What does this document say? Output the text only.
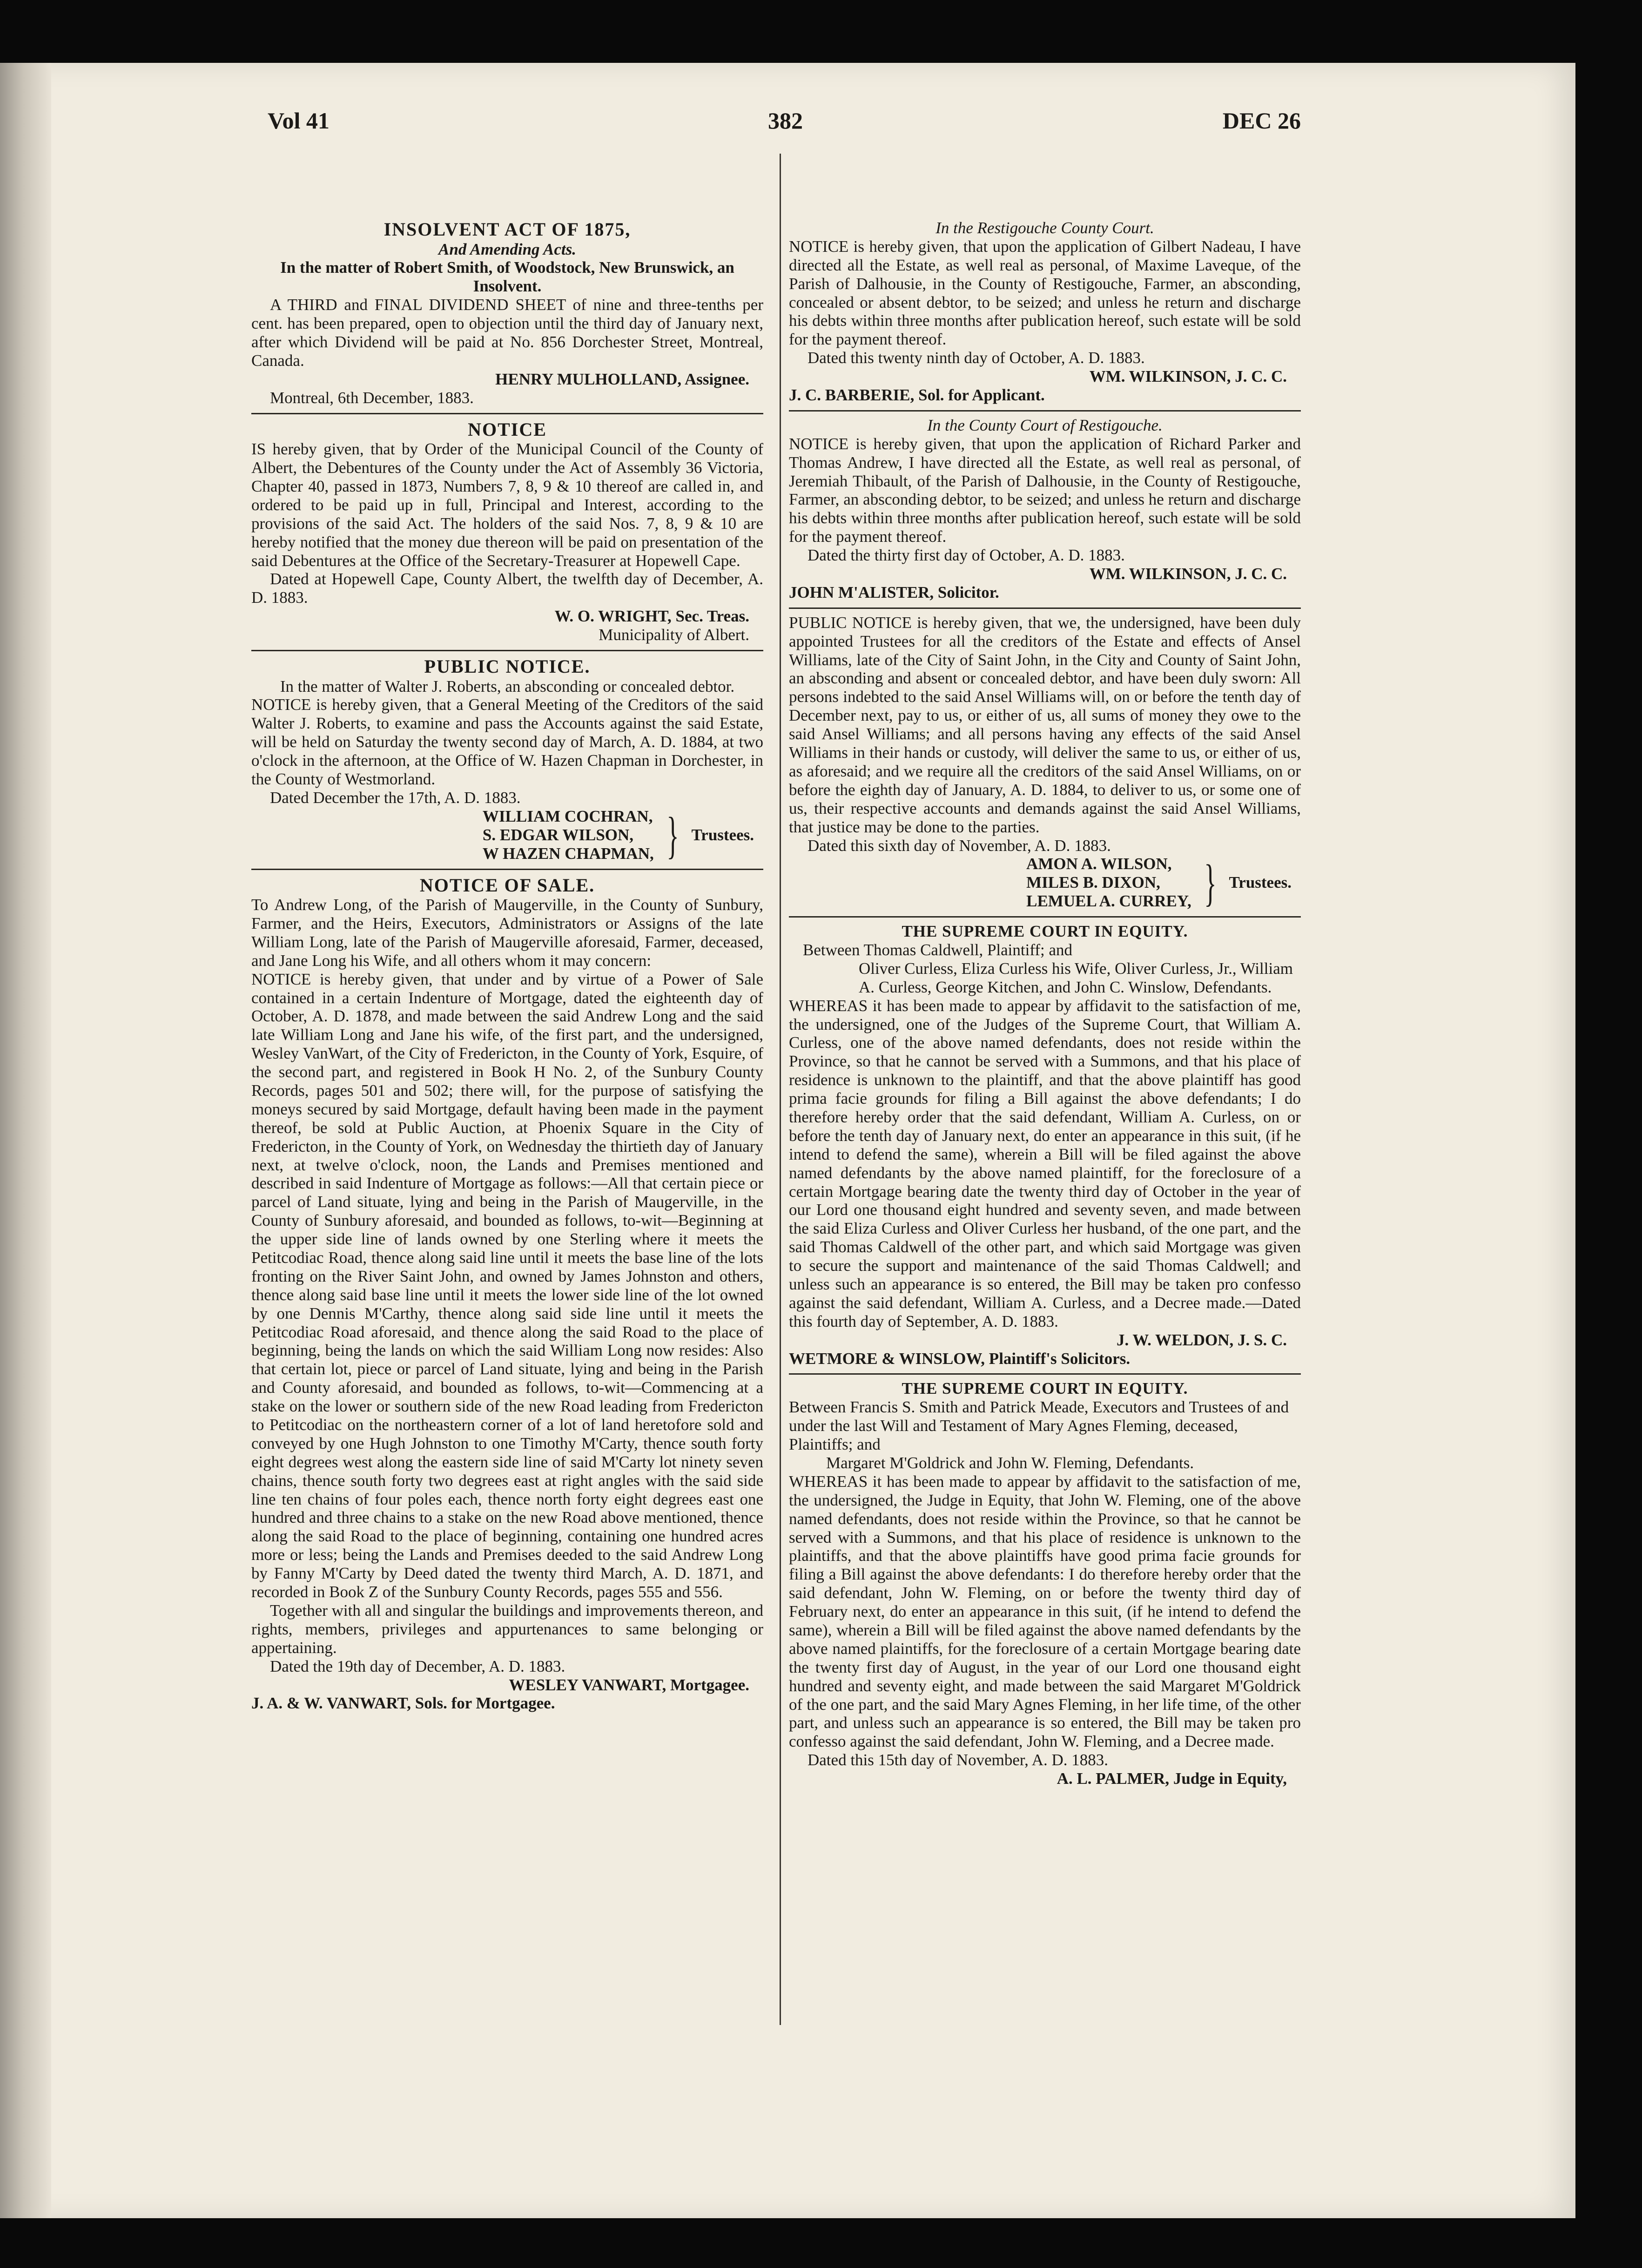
Vol 41	382	DEC 26
INSOLVENT ACT OF 1875,
And Amending Acts.
In the matter of Robert Smith, of Woodstock, New Brunswick, an Insolvent.

A THIRD and FINAL DIVIDEND SHEET of nine and three-tenths per cent. has been prepared, open to objection until the third day of January next, after which Dividend will be paid at No. 856 Dorchester Street, Montreal, Canada.

HENRY MULHOLLAND, Assignee.

Montreal, 6th December, 1883.

NOTICE

IS hereby given, that by Order of the Municipal Council of the County of Albert, the Debentures of the County under the Act of Assembly 36 Victoria, Chapter 40, passed in 1873, Numbers 7, 8, 9 & 10 thereof are called in, and ordered to be paid up in full, Principal and Interest, according to the provisions of the said Act. The holders of the said Nos. 7, 8, 9 & 10 are hereby notified that the money due thereon will be paid on presentation of the said Debentures at the Office of the Secretary-Treasurer at Hopewell Cape.

Dated at Hopewell Cape, County Albert, the twelfth day of December, A. D. 1883.

W. O. WRIGHT, Sec. Treas.
Municipality of Albert.
PUBLIC NOTICE.
In the matter of Walter J. Roberts, an absconding or concealed debtor.

NOTICE is hereby given, that a General Meeting of the Creditors of the said Walter J. Roberts, to examine and pass the Accounts against the said Estate, will be held on Saturday the twenty second day of March, A. D. 1884, at two o'clock in the afternoon, at the Office of W. Hazen Chapman in Dorchester, in the County of Westmorland.

Dated December the 17th, A. D. 1883.

WILLIAM COCHRAN,
S. EDGAR WILSON,
W HAZEN CHAPMAN, } Trustees.
NOTICE OF SALE.

To Andrew Long, of the Parish of Maugerville, in the County of Sunbury, Farmer, and the Heirs, Executors, Administrators or Assigns of the late William Long, late of the Parish of Maugerville aforesaid, Farmer, deceased, and Jane Long his Wife, and all others whom it may concern:

NOTICE is hereby given, that under and by virtue of a Power of Sale contained in a certain Indenture of Mortgage, dated the eighteenth day of October, A. D. 1878, and made between the said Andrew Long and the said late William Long and Jane his wife, of the first part, and the undersigned, Wesley VanWart, of the City of Fredericton, in the County of York, Esquire, of the second part, and registered in Book H No. 2, of the Sunbury County Records, pages 501 and 502; there will, for the purpose of satisfying the moneys secured by said Mortgage, default having been made in the payment thereof, be sold at Public Auction, at Phoenix Square in the City of Fredericton, in the County of York, on Wednesday the thirtieth day of January next, at twelve o'clock, noon, the Lands and Premises mentioned and described in said Indenture of Mortgage as follows:—All that certain piece or parcel of Land situate, lying and being in the Parish of Maugerville, in the County of Sunbury aforesaid, and bounded as follows, to-wit—Beginning at the upper side line of lands owned by one Sterling where it meets the Petitcodiac Road, thence along said line until it meets the base line of the lots fronting on the River Saint John, and owned by James Johnston and others, thence along said base line until it meets the lower side line of the lot owned by one Dennis M'Carthy, thence along said side line until it meets the Petitcodiac Road aforesaid, and thence along the said Road to the place of beginning, being the lands on which the said William Long now resides: Also that certain lot, piece or parcel of Land situate, lying and being in the Parish and County aforesaid, and bounded as follows, to-wit—Commencing at a stake on the lower or southern side of the new Road leading from Fredericton to Petitcodiac on the northeastern corner of a lot of land heretofore sold and conveyed by one Hugh Johnston to one Timothy M'Carty, thence south forty eight degrees west along the eastern side line of said M'Carty lot ninety seven chains, thence south forty two degrees east at right angles with the said side line ten chains of four poles each, thence north forty eight degrees east one hundred and three chains to a stake on the new Road above mentioned, thence along the said Road to the place of beginning, containing one hundred acres more or less; being the Lands and Premises deeded to the said Andrew Long by Fanny M'Carty by Deed dated the twenty third March, A. D. 1871, and recorded in Book Z of the Sunbury County Records, pages 555 and 556.

Together with all and singular the buildings and improvements thereon, and rights, members, privileges and appurtenances to same belonging or appertaining.

Dated the 19th day of December, A. D. 1883.

WESLEY VANWART, Mortgagee.
J. A. & W. VANWART, Sols. for Mortgagee.
In the Restigouche County Court.

NOTICE is hereby given, that upon the application of Gilbert Nadeau, I have directed all the Estate, as well real as personal, of Maxime Laveque, of the Parish of Dalhousie, in the County of Restigouche, Farmer, an absconding, concealed or absent debtor, to be seized; and unless he return and discharge his debts within three months after publication hereof, such estate will be sold for the payment thereof.

Dated this twenty ninth day of October, A. D. 1883.

WM. WILKINSON, J. C. C.
J. C. BARBERIE, Sol. for Applicant.
In the County Court of Restigouche.

NOTICE is hereby given, that upon the application of Richard Parker and Thomas Andrew, I have directed all the Estate, as well real as personal, of Jeremiah Thibault, of the Parish of Dalhousie, in the County of Restigouche, Farmer, an absconding debtor, to be seized; and unless he return and discharge his debts within three months after publication hereof, such estate will be sold for the payment thereof.

Dated the thirty first day of October, A. D. 1883.

WM. WILKINSON, J. C. C.
JOHN M'ALISTER, Solicitor.

PUBLIC NOTICE is hereby given, that we, the undersigned, have been duly appointed Trustees for all the creditors of the Estate and effects of Ansel Williams, late of the City of Saint John, in the City and County of Saint John, an absconding and absent or concealed debtor, and have been duly sworn: All persons indebted to the said Ansel Williams will, on or before the tenth day of December next, pay to us, or either of us, all sums of money they owe to the said Ansel Williams; and all persons having any effects of the said Ansel Williams in their hands or custody, will deliver the same to us, or either of us, as aforesaid; and we require all the creditors of the said Ansel Williams, on or before the eighth day of January, A. D. 1884, to deliver to us, or some one of us, their respective accounts and demands against the said Ansel Williams, that justice may be done to the parties.

Dated this sixth day of November, A. D. 1883.

AMON A. WILSON,
MILES B. DIXON,
LEMUEL A. CURREY, } Trustees.
THE SUPREME COURT IN EQUITY.
Between Thomas Caldwell, Plaintiff; and
Oliver Curless, Eliza Curless his Wife, Oliver Curless, Jr., William A. Curless, George Kitchen, and John C. Winslow, Defendants.

WHEREAS it has been made to appear by affidavit to the satisfaction of me, the undersigned, one of the Judges of the Supreme Court, that William A. Curless, one of the above named defendants, does not reside within the Province, so that he cannot be served with a Summons, and that his place of residence is unknown to the plaintiff, and that the above plaintiff has good prima facie grounds for filing a Bill against the above defendants; I do therefore hereby order that the said defendant, William A. Curless, on or before the tenth day of January next, do enter an appearance in this suit, (if he intend to defend the same), wherein a Bill will be filed against the above named defendants by the above named plaintiff, for the foreclosure of a certain Mortgage bearing date the twenty third day of October in the year of our Lord one thousand eight hundred and seventy seven, and made between the said Eliza Curless and Oliver Curless her husband, of the one part, and the said Thomas Caldwell of the other part, and which said Mortgage was given to secure the support and maintenance of the said Thomas Caldwell; and unless such an appearance is so entered, the Bill may be taken pro confesso against the said defendant, William A. Curless, and a Decree made.—Dated this fourth day of September, A. D. 1883.

J. W. WELDON, J. S. C.
WETMORE & WINSLOW, Plaintiff's Solicitors.
THE SUPREME COURT IN EQUITY.
Between Francis S. Smith and Patrick Meade, Executors and Trustees of and under the last Will and Testament of Mary Agnes Fleming, deceased, Plaintiffs; and
Margaret M'Goldrick and John W. Fleming, Defendants.

WHEREAS it has been made to appear by affidavit to the satisfaction of me, the undersigned, the Judge in Equity, that John W. Fleming, one of the above named defendants, does not reside within the Province, so that he cannot be served with a Summons, and that his place of residence is unknown to the plaintiffs, and that the above plaintiffs have good prima facie grounds for filing a Bill against the above defendants: I do therefore hereby order that the said defendant, John W. Fleming, on or before the twenty third day of February next, do enter an appearance in this suit, (if he intend to defend the same), wherein a Bill will be filed against the above named defendants by the above named plaintiffs, for the foreclosure of a certain Mortgage bearing date the twenty first day of August, in the year of our Lord one thousand eight hundred and seventy eight, and made between the said Margaret M'Goldrick of the one part, and the said Mary Agnes Fleming, in her life time, of the other part, and unless such an appearance is so entered, the Bill may be taken pro confesso against the said defendant, John W. Fleming, and a Decree made.

Dated this 15th day of November, A. D. 1883.

A. L. PALMER, Judge in Equity,
